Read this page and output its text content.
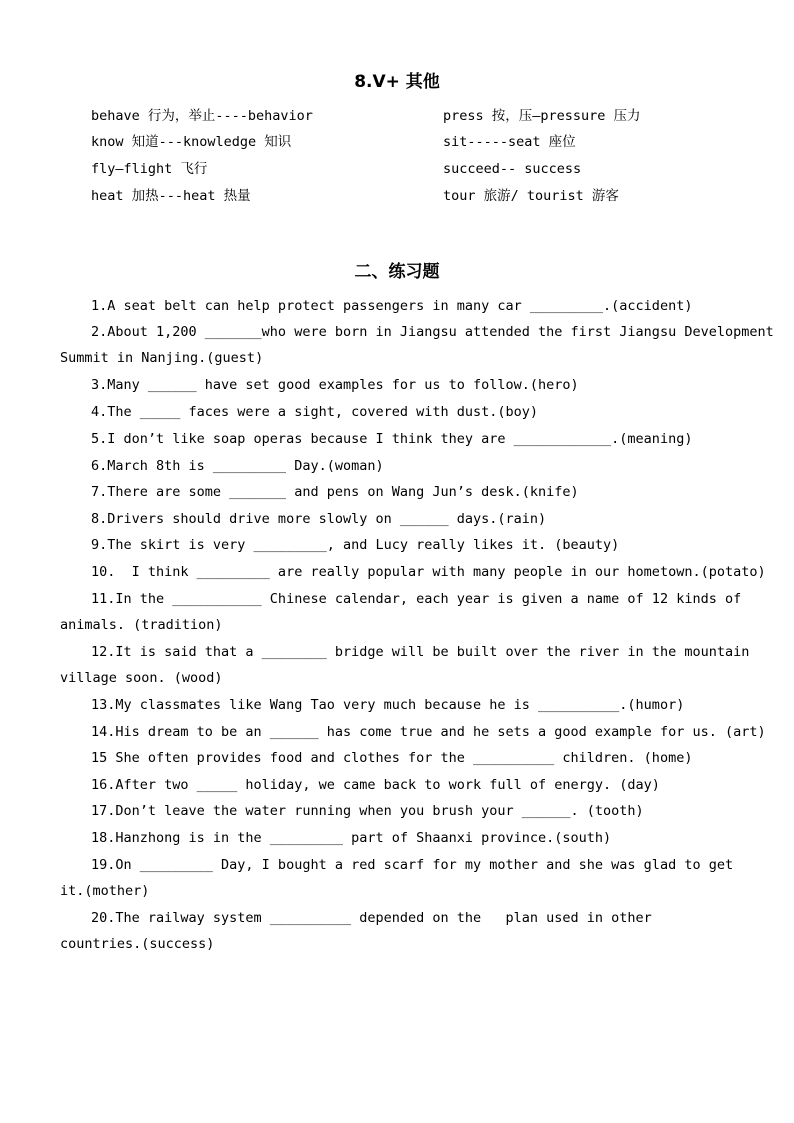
8.V+ 其他
behave 行为，举止----behavior	press 按，压—pressure 压力
know 知道---knowledge 知识	sit-----seat 座位
fly—flight 飞行	succeed-- success
heat 加热---heat 热量	tour 旅游/ tourist 游客
二、练习题
1.A seat belt can help protect passengers in many car _________.(accident)
2.About 1,200 _______who were born in Jiangsu attended the first Jiangsu Development
Summit in Nanjing.(guest)
3.Many ______ have set good examples for us to follow.(hero)
4.The _____ faces were a sight, covered with dust.(boy)
5.I don’t like soap operas because I think they are ____________.(meaning)
6.March 8th is _________ Day.(woman)
7.There are some _______ and pens on Wang Jun’s desk.(knife)
8.Drivers should drive more slowly on ______ days.(rain)
9.The skirt is very _________, and Lucy really likes it. (beauty)
10.  I think _________ are really popular with many people in our hometown.(potato)
11.In the ___________ Chinese calendar, each year is given a name of 12 kinds of
animals. (tradition)
12.It is said that a ________ bridge will be built over the river in the mountain
village soon. (wood)
13.My classmates like Wang Tao very much because he is __________.(humor)
14.His dream to be an ______ has come true and he sets a good example for us. (art)
15 She often provides food and clothes for the __________ children. (home)
16.After two _____ holiday, we came back to work full of energy. (day)
17.Don’t leave the water running when you brush your ______. (tooth)
18.Hanzhong is in the _________ part of Shaanxi province.(south)
19.On _________ Day, I bought a red scarf for my mother and she was glad to get
it.(mother)
20.The railway system __________ depended on the   plan used in other
countries.(success)
